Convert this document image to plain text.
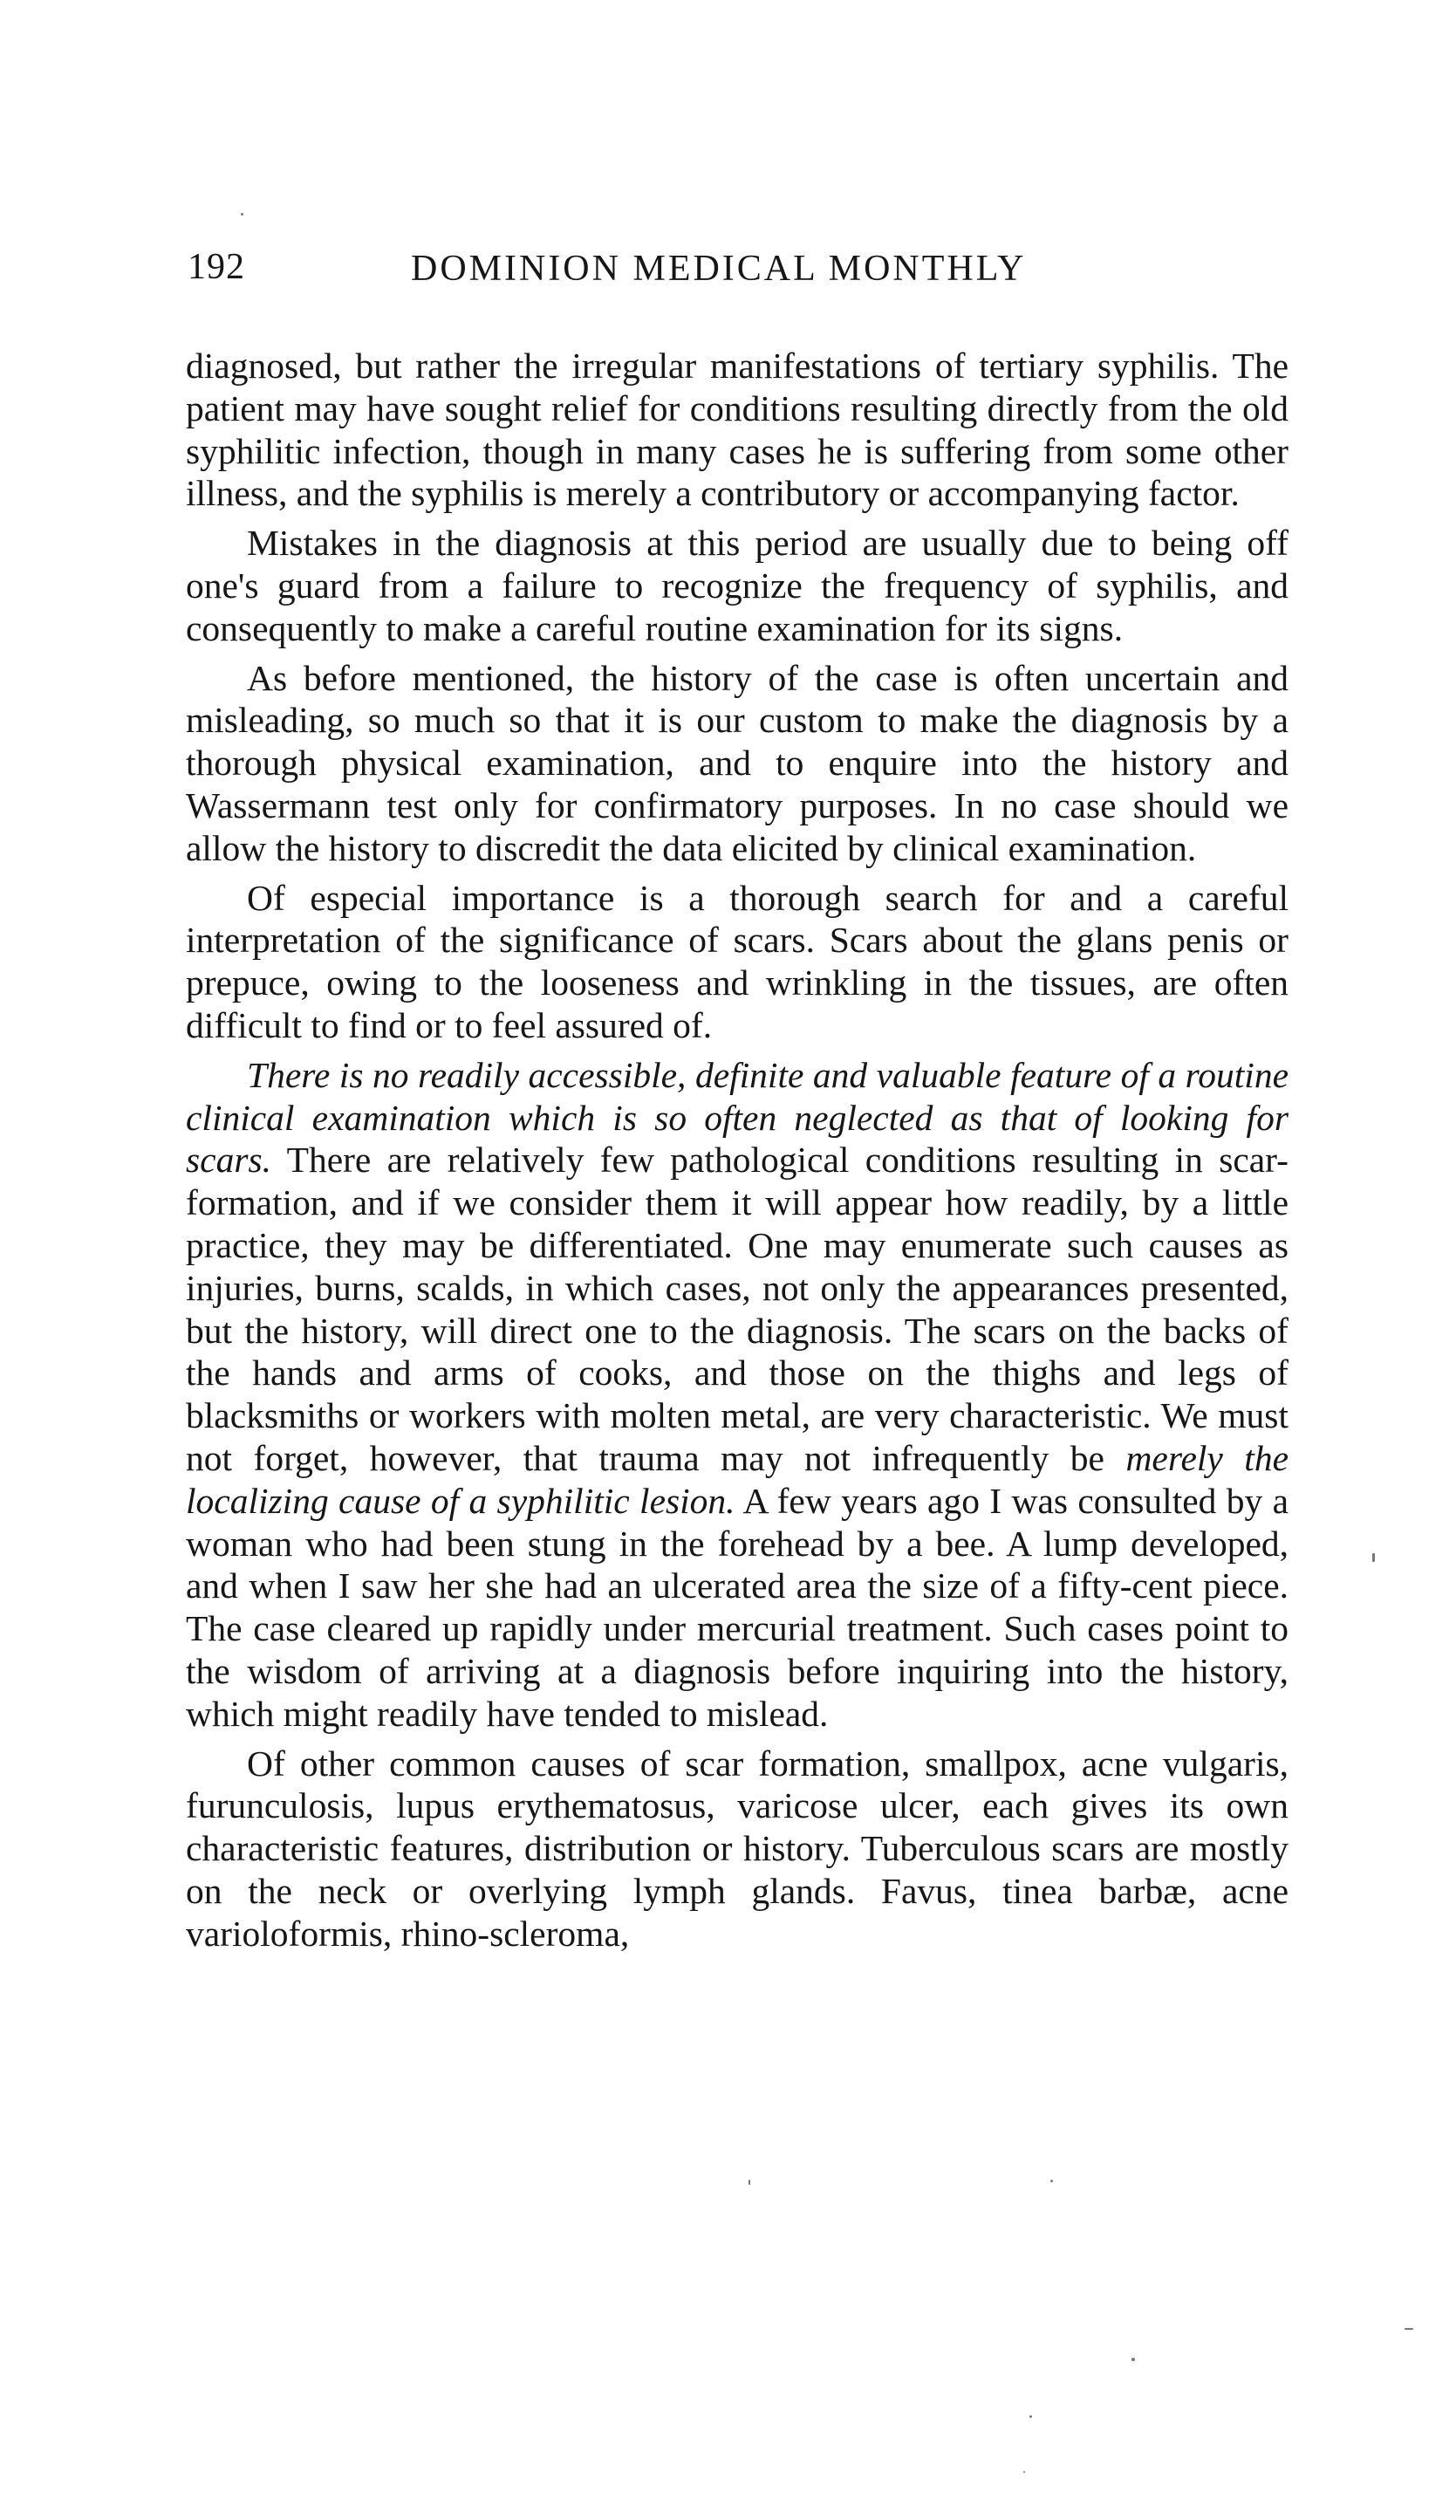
192	DOMINION MEDICAL MONTHLY

diagnosed, but rather the irregular manifestations of tertiary syphilis. The patient may have sought relief for conditions resulting directly from the old syphilitic infection, though in many cases he is suffering from some other illness, and the syphilis is merely a contributory or accompanying factor.

Mistakes in the diagnosis at this period are usually due to being off one's guard from a failure to recognize the frequency of syphilis, and consequently to make a careful routine examination for its signs.

As before mentioned, the history of the case is often uncertain and misleading, so much so that it is our custom to make the diagnosis by a thorough physical examination, and to enquire into the history and Wassermann test only for confirmatory purposes. In no case should we allow the history to discredit the data elicited by clinical examination.

Of especial importance is a thorough search for and a careful interpretation of the significance of scars. Scars about the glans penis or prepuce, owing to the looseness and wrinkling in the tissues, are often difficult to find or to feel assured of.

There is no readily accessible, definite and valuable feature of a routine clinical examination which is so often neglected as that of looking for scars. There are relatively few pathological conditions resulting in scar-formation, and if we consider them it will appear how readily, by a little practice, they may be differentiated. One may enumerate such causes as injuries, burns, scalds, in which cases, not only the appearances presented, but the history, will direct one to the diagnosis. The scars on the backs of the hands and arms of cooks, and those on the thighs and legs of blacksmiths or workers with molten metal, are very characteristic. We must not forget, however, that trauma may not infrequently be merely the localizing cause of a syphilitic lesion. A few years ago I was consulted by a woman who had been stung in the forehead by a bee. A lump developed, and when I saw her she had an ulcerated area the size of a fifty-cent piece. The case cleared up rapidly under mercurial treatment. Such cases point to the wisdom of arriving at a diagnosis before inquiring into the history, which might readily have tended to mislead.

Of other common causes of scar formation, smallpox, acne vulgaris, furunculosis, lupus erythematosus, varicose ulcer, each gives its own characteristic features, distribution or history. Tuberculous scars are mostly on the neck or overlying lymph glands. Favus, tinea barbæ, acne varioloformis, rhino-scleroma,
